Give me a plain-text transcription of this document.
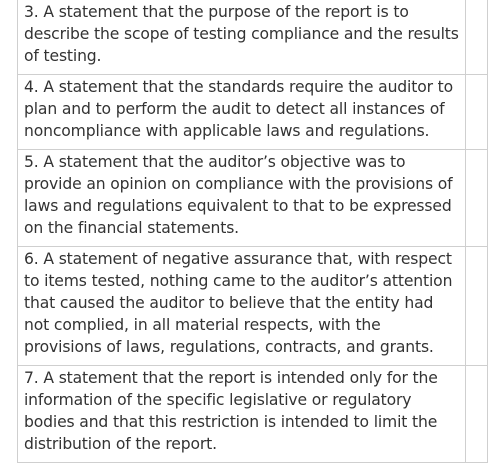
3. A statement that the purpose of the report is to describe the scope of testing compliance and the results of testing.	
4. A statement that the standards require the auditor to plan and to perform the audit to detect all instances of noncompliance with applicable laws and regulations.	
5. A statement that the auditor’s objective was to provide an opinion on compliance with the provisions of laws and regulations equivalent to that to be expressed on the financial statements.	
6. A statement of negative assurance that, with respect to items tested, nothing came to the auditor’s attention that caused the auditor to believe that the entity had not complied, in all material respects, with the provisions of laws, regulations, contracts, and grants.	
7. A statement that the report is intended only for the information of the specific legislative or regulatory bodies and that this restriction is intended to limit the distribution of the report.	
